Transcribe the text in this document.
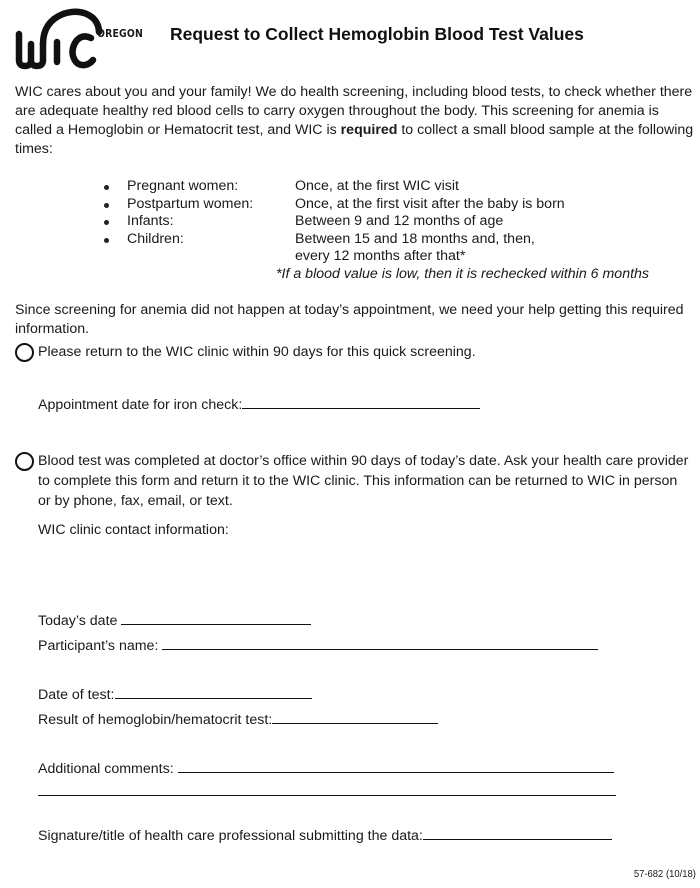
OREGON Request to Collect Hemoglobin Blood Test Values
WIC cares about you and your family! We do health screening, including blood tests, to check whether there are adequate healthy red blood cells to carry oxygen throughout the body. This screening for anemia is called a Hemoglobin or Hematocrit test, and WIC is required to collect a small blood sample at the following times:
Pregnant women:	Once, at the first WIC visit
Postpartum women:	Once, at the first visit after the baby is born
Infants:	Between 9 and 12 months of age
Children:	Between 15 and 18 months and, then,
every 12 months after that*
*If a blood value is low, then it is rechecked within 6 months
Since screening for anemia did not happen at today’s appointment, we need your help getting this required information.
Please return to the WIC clinic within 90 days for this quick screening.
Appointment date for iron check:
Blood test was completed at doctor’s office within 90 days of today’s date. Ask your health care provider to complete this form and return it to the WIC clinic. This information can be returned to WIC in person or by phone, fax, email, or text.
WIC clinic contact information:
Today’s date
Participant’s name:
Date of test:
Result of hemoglobin/hematocrit test:
Additional comments:
Signature/title of health care professional submitting the data:
57-682 (10/18)
